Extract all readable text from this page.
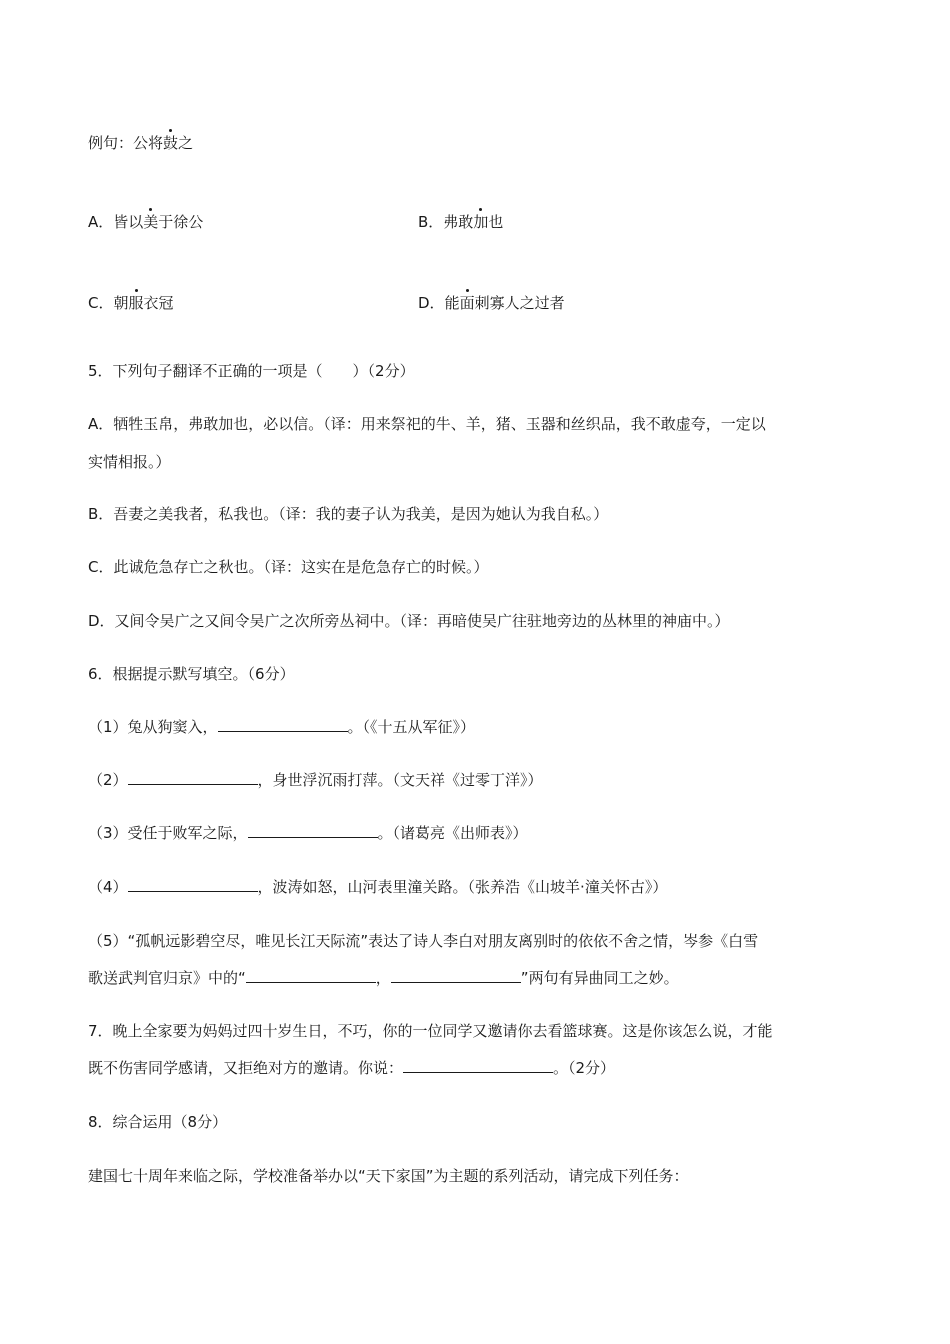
例句：公将鼓之
A．皆以美于徐公	B．弗敢加也
C．朝服衣冠	D．能面刺寡人之过者
5．下列句子翻译不正确的一项是（　　）（2分）
A．牺牲玉帛，弗敢加也，必以信。（译：用来祭祀的牛、羊，猪、玉器和丝织品，我不敢虚夸，一定以
实情相报。）
B．吾妻之美我者，私我也。（译：我的妻子认为我美，是因为她认为我自私。）
C．此诚危急存亡之秋也。（译：这实在是危急存亡的时候。）
D．又间令吴广之又间令吴广之次所旁丛祠中。（译：再暗使吴广往驻地旁边的丛林里的神庙中。）
6．根据提示默写填空。（6分）
（1）兔从狗窦入，	。（《十五从军征》）
（2）	，身世浮沉雨打萍。（文天祥《过零丁洋》）
（3）受任于败军之际，	。（诸葛亮《出师表》）
（4）	，波涛如怒，山河表里潼关路。（张养浩《山坡羊·潼关怀古》）
（5）“孤帆远影碧空尽，唯见长江天际流”表达了诗人李白对朋友离别时的依依不舍之情，岑参《白雪
歌送武判官归京》中的“	，	”两句有异曲同工之妙。
7．晚上全家要为妈妈过四十岁生日，不巧，你的一位同学又邀请你去看篮球赛。这是你该怎么说，才能
既不伤害同学感请，又拒绝对方的邀请。你说：	。（2分）
8．综合运用（8分）
建国七十周年来临之际，学校准备举办以“天下家国”为主题的系列活动，请完成下列任务：
